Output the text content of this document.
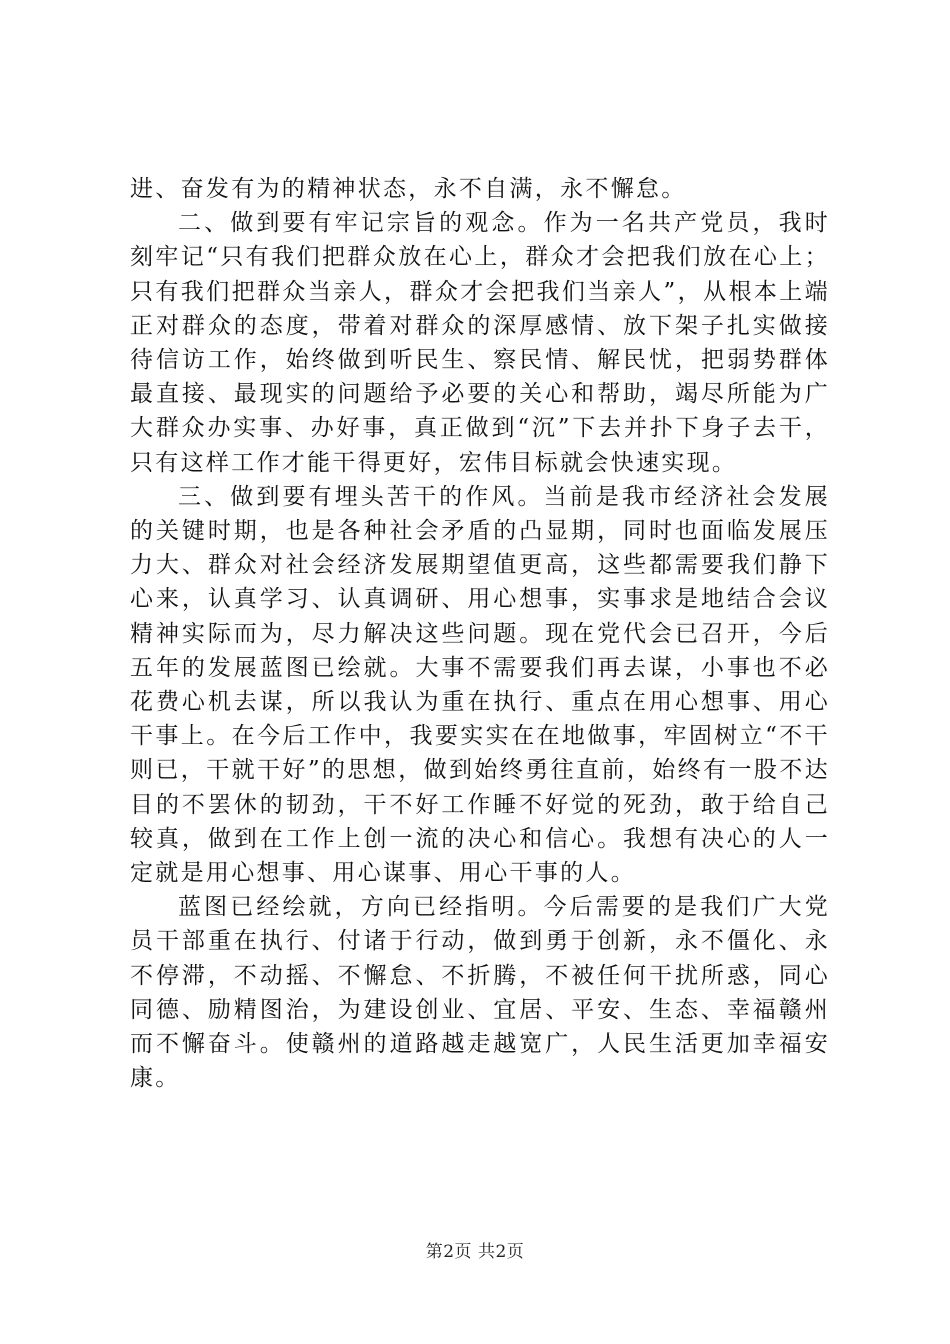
进、奋发有为的精神状态，永不自满，永不懈怠。

二、做到要有牢记宗旨的观念。作为一名共产党员，我时刻牢记“只有我们把群众放在心上，群众才会把我们放在心上；只有我们把群众当亲人，群众才会把我们当亲人”，从根本上端正对群众的态度，带着对群众的深厚感情、放下架子扎实做接待信访工作，始终做到听民生、察民情、解民忧，把弱势群体最直接、最现实的问题给予必要的关心和帮助，竭尽所能为广大群众办实事、办好事，真正做到“沉”下去并扑下身子去干，只有这样工作才能干得更好，宏伟目标就会快速实现。

三、做到要有埋头苦干的作风。当前是我市经济社会发展的关键时期，也是各种社会矛盾的凸显期，同时也面临发展压力大、群众对社会经济发展期望值更高，这些都需要我们静下心来，认真学习、认真调研、用心想事，实事求是地结合会议精神实际而为，尽力解决这些问题。现在党代会已召开，今后五年的发展蓝图已绘就。大事不需要我们再去谋，小事也不必花费心机去谋，所以我认为重在执行、重点在用心想事、用心干事上。在今后工作中，我要实实在在地做事，牢固树立“不干则已，干就干好”的思想，做到始终勇往直前，始终有一股不达目的不罢休的韧劲，干不好工作睡不好觉的死劲，敢于给自己较真，做到在工作上创一流的决心和信心。我想有决心的人一定就是用心想事、用心谋事、用心干事的人。

蓝图已经绘就，方向已经指明。今后需要的是我们广大党员干部重在执行、付诸于行动，做到勇于创新，永不僵化、永不停滞，不动摇、不懈怠、不折腾，不被任何干扰所惑，同心同德、励精图治，为建设创业、宜居、平安、生态、幸福赣州而不懈奋斗。使赣州的道路越走越宽广，人民生活更加幸福安康。

第2页 共2页
